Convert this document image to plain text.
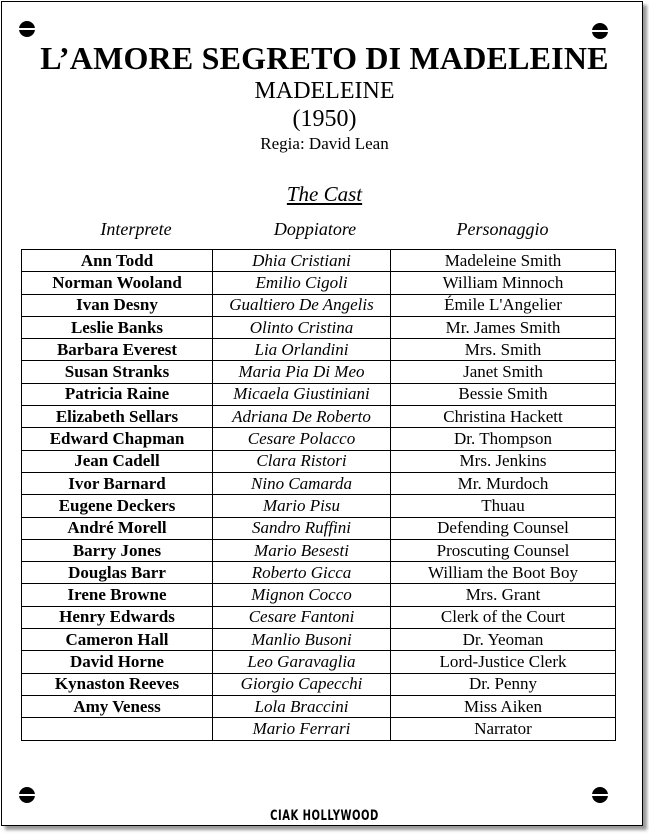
L’AMORE SEGRETO DI MADELEINE
MADELEINE
(1950)
Regia: David Lean
The Cast
Interprete	Doppiatore	Personaggio
Ann Todd	Dhia Cristiani	Madeleine Smith
Norman Wooland	Emilio Cigoli	William Minnoch
Ivan Desny	Gualtiero De Angelis	Émile L'Angelier
Leslie Banks	Olinto Cristina	Mr. James Smith
Barbara Everest	Lia Orlandini	Mrs. Smith
Susan Stranks	Maria Pia Di Meo	Janet Smith
Patricia Raine	Micaela Giustiniani	Bessie Smith
Elizabeth Sellars	Adriana De Roberto	Christina Hackett
Edward Chapman	Cesare Polacco	Dr. Thompson
Jean Cadell	Clara Ristori	Mrs. Jenkins
Ivor Barnard	Nino Camarda	Mr. Murdoch
Eugene Deckers	Mario Pisu	Thuau
André Morell	Sandro Ruffini	Defending Counsel
Barry Jones	Mario Besesti	Proscuting Counsel
Douglas Barr	Roberto Gicca	William the Boot Boy
Irene Browne	Mignon Cocco	Mrs. Grant
Henry Edwards	Cesare Fantoni	Clerk of the Court
Cameron Hall	Manlio Busoni	Dr. Yeoman
David Horne	Leo Garavaglia	Lord-Justice Clerk
Kynaston Reeves	Giorgio Capecchi	Dr. Penny
Amy Veness	Lola Braccini	Miss Aiken
	Mario Ferrari	Narrator
CIAK HOLLYWOOD
